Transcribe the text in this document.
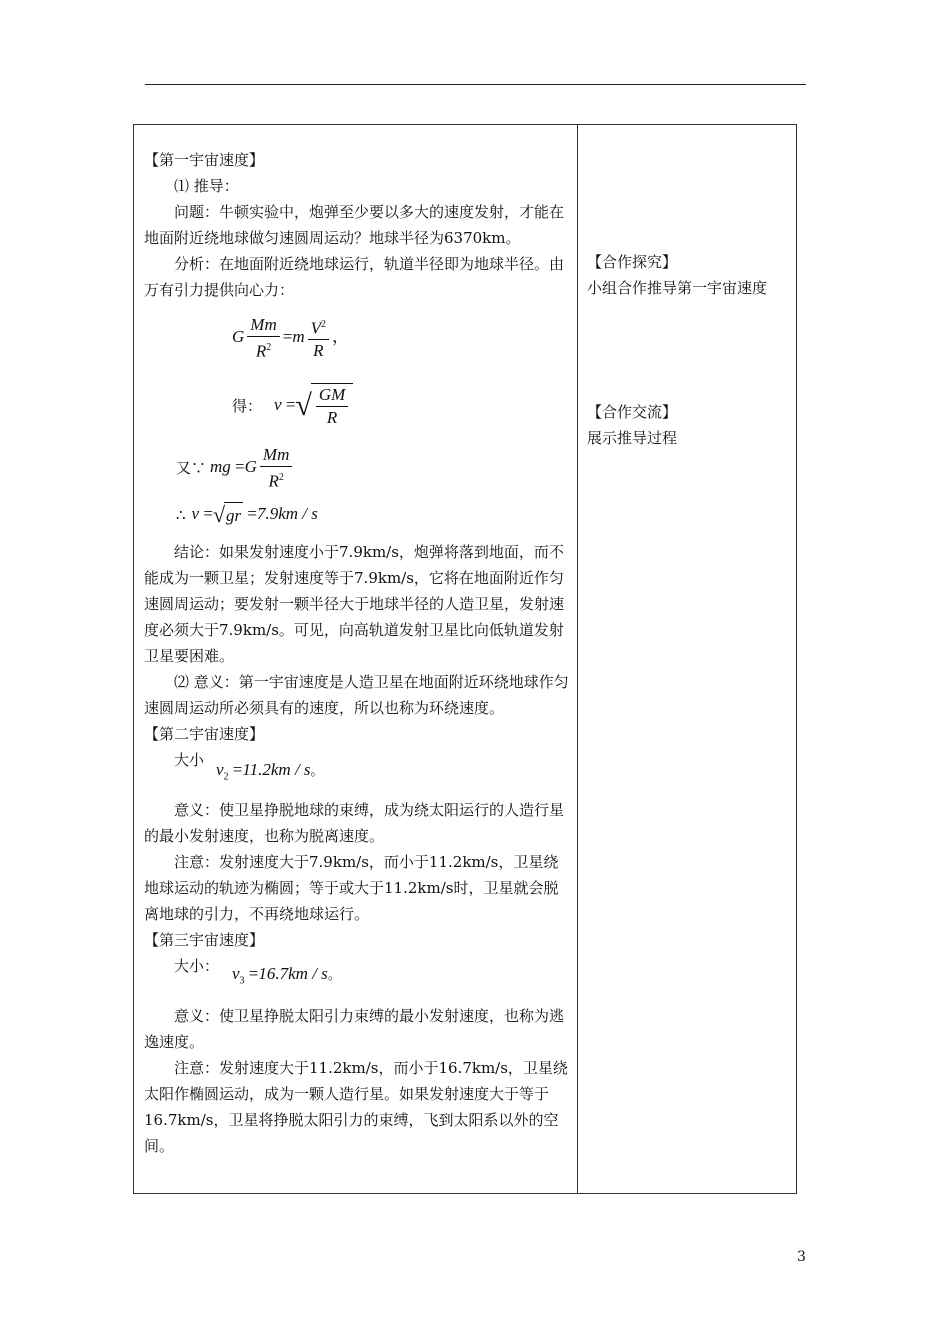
【第一宇宙速度】

⑴ 推导：

问题：牛顿实验中，炮弹至少要以多大的速度发射，才能在地面附近绕地球做匀速圆周运动？地球半径为6370km。

分析：在地面附近绕地球运行，轨道半径即为地球半径。由万有引力提供向心力：

G $\frac{Mm}{R^2} =m \frac{V^2}{R}$ ，
得： v = √ $\frac{GM}{R}$
又∵ mg $=G \frac{Mm}{R^2}$
∴ v = √ gr =7.9km / s

结论：如果发射速度小于7.9km/s，炮弹将落到地面，而不能成为一颗卫星；发射速度等于7.9km/s，它将在地面附近作匀速圆周运动；要发射一颗半径大于地球半径的人造卫星，发射速度必须大于7.9km/s。可见，向高轨道发射卫星比向低轨道发射卫星要困难。

⑵ 意义：第一宇宙速度是人造卫星在地面附近环绕地球作匀速圆周运动所必须具有的速度，所以也称为环绕速度。

【第二宇宙速度】

大小 $v_2 =11.2km / s$。

意义：使卫星挣脱地球的束缚，成为绕太阳运行的人造行星的最小发射速度，也称为脱离速度。

注意：发射速度大于7.9km/s，而小于11.2km/s，卫星绕地球运动的轨迹为椭圆；等于或大于11.2km/s时，卫星就会脱离地球的引力，不再绕地球运行。

【第三宇宙速度】

大小： $v_3 =16.7km / s$。

意义：使卫星挣脱太阳引力束缚的最小发射速度，也称为逃逸速度。

注意：发射速度大于11.2km/s，而小于16.7km/s，卫星绕太阳作椭圆运动，成为一颗人造行星。如果发射速度大于等于16.7km/s，卫星将挣脱太阳引力的束缚，飞到太阳系以外的空间。

【合作探究】

小组合作推导第一宇宙速度

【合作交流】

展示推导过程

3
